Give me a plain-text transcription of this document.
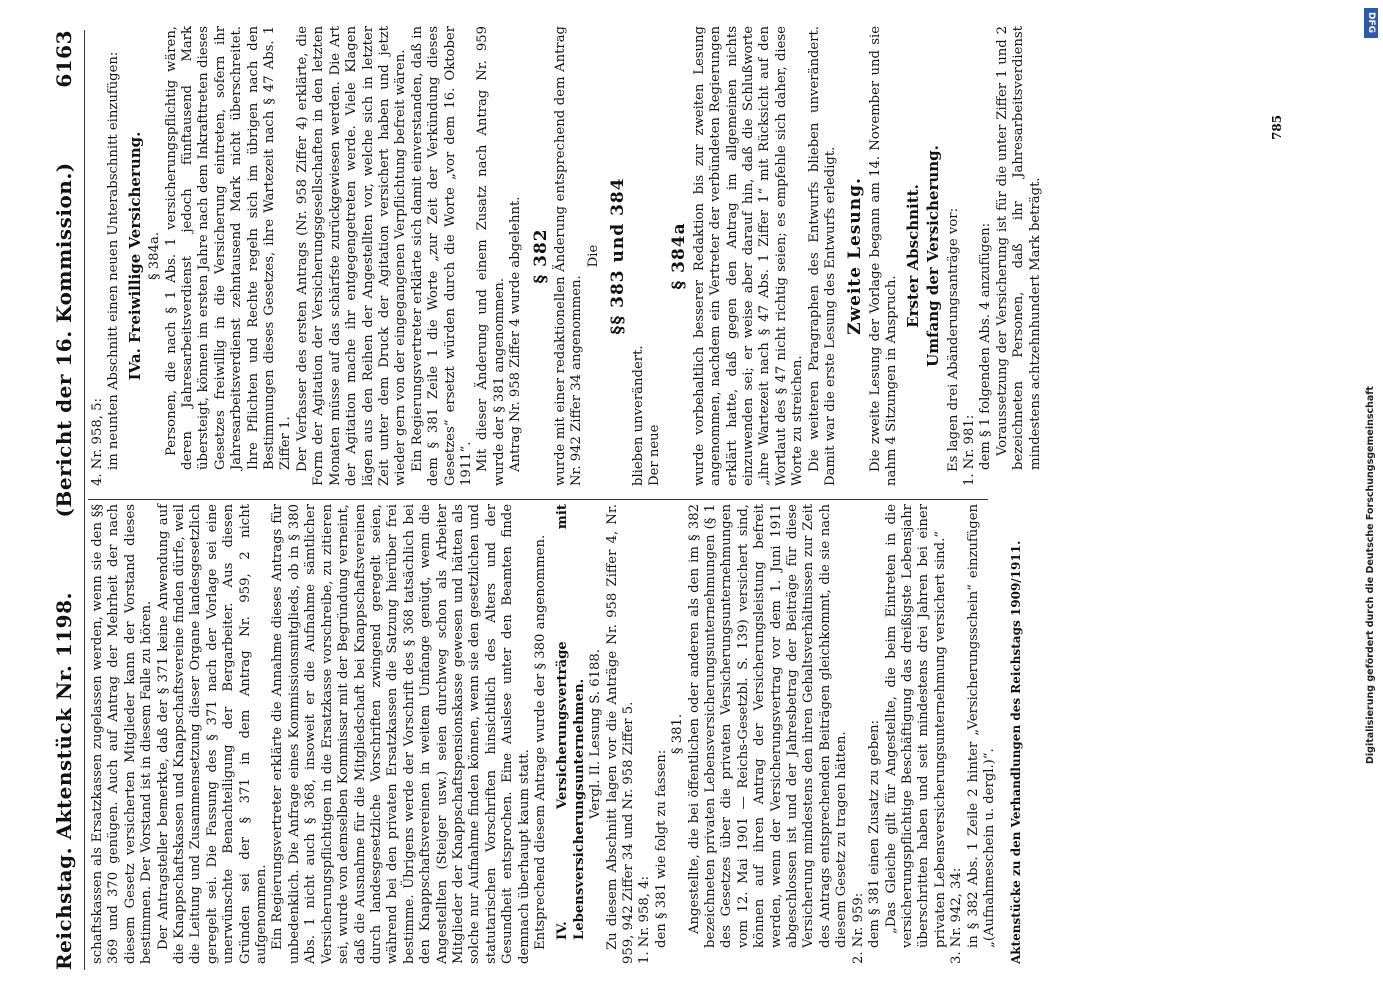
Reichstag. Aktenstück Nr. 1198.
(Bericht der 16. Kommission.)
6163

schaftskassen als Ersatzkassen zugelassen werden, wenn sie den §§ 369 und 370 genügen. Auch auf Antrag der Mehrheit der nach diesem Gesetz versicherten Mitglieder kann der Vorstand dieses bestimmen. Der Vorstand ist in diesem Falle zu hören. Der Antragsteller bemerkte, daß der § 371 keine Anwendung auf die Knappschaftskassen und Knappschaftsvereine finden dürfe, weil die Leitung und Zusammensetzung dieser Organe landesgesetzlich geregelt sei. Die Fassung des § 371 nach der Vorlage sei eine unerwünschte Benachteiligung der Bergarbeiter. Aus diesen Gründen sei der § 371 in dem Antrag Nr. 959, 2 nicht aufgenommen. Ein Regierungsvertreter erklärte die Annahme dieses Antrags für unbedenklich. Die Anfrage eines Kommissionsmitglieds, ob in § 380 Abs. 1 nicht auch § 368, insoweit er die Aufnahme sämtlicher Versicherungspflichtigen in die Ersatzkasse vorschreibe, zu zitieren sei, wurde von demselben Kommissar mit der Begründung verneint, daß die Ausnahme für die Mitgliedschaft bei Knappschaftsvereinen durch landesgesetzliche Vorschriften zwingend geregelt seien, während bei den privaten Ersatzkassen die Satzung hierüber frei bestimme. Übrigens werde der Vorschrift des § 368 tatsächlich bei den Knappschaftsvereinen in weitem Umfange genügt, wenn die Angestellten (Steiger usw.) seien durchweg schon als Arbeiter Mitglieder der Knappschaftspensionskasse gewesen und hätten als solche nur Aufnahme finden können, wenn sie den gesetzlichen und statutarischen Vorschriften hinsichtlich des Alters und der Gesundheit entsprochen. Eine Auslese unter den Beamten finde demnach überhaupt kaum statt. Entsprechend diesem Antrage wurde der § 380 angenommen. IV. Versicherungsverträge mit Lebensversicherungsunternehmen. Vergl. II. Lesung S. 6188. Zu diesem Abschnitt lagen vor die Anträge Nr. 958 Ziffer 4, Nr. 959, 942 Ziffer 34 und Nr. 958 Ziffer 5. 1. Nr. 958, 4: den § 381 wie folgt zu fassen:

§ 381. Angestellte, die bei öffentlichen oder anderen als den im § 382 bezeichneten privaten Lebensversicherungsunternehmungen (§ 1 des Gesetzes über die privaten Versicherungsunternehmungen vom 12. Mai 1901 — Reichs-Gesetzbl. S. 139) versichert sind, können auf ihren Antrag der Versicherungsleistung befreit werden, wenn der Versicherungsvertrag vor dem 1. Juni 1911 abgeschlossen ist und der Jahresbetrag der Beiträge für diese Versicherung mindestens den ihren Gehaltsverhältnissen zur Zeit des Antrags entsprechenden Beiträgen gleichkommt, die sie nach diesem Gesetz zu tragen hätten. 2. Nr. 959: dem § 381 einen Zusatz zu geben: „Das Gleiche gilt für Angestellte, die beim Eintreten in die versicherungspflichtige Beschäftigung das dreißigste Lebensjahr überschritten haben und seit mindestens drei Jahren bei einer privaten Lebensversicherungsunternehmung versichert sind.“ 3. Nr. 942, 34: in § 382 Abs. 1 Zeile 2 hinter „Versicherungsschein“ einzufügen „(Aufnahmeschein u. dergl.)“. Aktenstücke zu den Verhandlungen des Reichstags 1909/1911.

4. Nr. 958, 5: im neunten Abschnitt einen neuen Unterabschnitt einzufügen: IVa. Freiwillige Versicherung. § 384a. Personen, die nach § 1 Abs. 1 versicherungspflichtig wären, deren Jahresarbeitsverdienst jedoch fünftausend Mark übersteigt, können im ersten Jahre nach dem Inkrafttreten dieses Gesetzes freiwillig in die Versicherung eintreten, sofern ihr Jahresarbeitsverdienst zehntausend Mark nicht überschreitet. Ihre Pflichten und Rechte regeln sich im übrigen nach den Bestimmungen dieses Gesetzes, ihre Wartezeit nach § 47 Abs. 1 Ziffer 1. Der Verfasser des ersten Antrags (Nr. 958 Ziffer 4) erklärte, die Form der Agitation der Versicherungsgesellschaften in den letzten Monaten müsse auf das schärfste zurückgewiesen werden. Die Art der Agitation mache ihr entgegengetreten werde. Viele Klagen lägen aus den Reihen der Angestellten vor, welche sich in letzter Zeit unter dem Druck der Agitation versichert haben und jetzt wieder gern von der eingegangenen Verpflichtung befreit wären. Ein Regierungsvertreter erklärte sich damit einverstanden, daß in dem § 381 Zeile 1 die Worte „zur Zeit der Verkündung dieses Gesetzes“ ersetzt würden durch die Worte „vor dem 16. Oktober 1911“. Mit dieser Änderung und einem Zusatz nach Antrag Nr. 959 wurde der § 381 angenommen. Antrag Nr. 958 Ziffer 4 wurde abgelehnt. § 382 wurde mit einer redaktionellen Änderung entsprechend dem Antrag Nr. 942 Ziffer 34 angenommen.

Die §§ 383 und 384

blieben unverändert. Der neue

§ 384a wurde vorbehaltlich besserer Redaktion bis zur zweiten Lesung angenommen, nachdem ein Vertreter der verbündeten Regierungen erklärt hatte, daß gegen den Antrag im allgemeinen nichts einzuwenden sei; er weise aber darauf hin, daß die Schlußworte „ihre Wartezeit nach § 47 Abs. 1 Ziffer 1“ mit Rücksicht auf den Wortlaut des § 47 nicht richtig seien; es empfehle sich daher, diese Worte zu streichen. Die weiteren Paragraphen des Entwurfs blieben unverändert. Damit war die erste Lesung des Entwurfs erledigt. Zweite Lesung. Die zweite Lesung der Vorlage begann am 14. November und sie nahm 4 Sitzungen in Anspruch.

Erster Abschnitt. Umfang der Versicherung. Es lagen drei Abänderungsanträge vor: 1. Nr. 981: dem § 1 folgenden Abs. 4 anzufügen: Voraussetzung der Versicherung ist für die unter Ziffer 1 und 2 bezeichneten Personen, daß ihr Jahresarbeitsverdienst mindestens achtzehnhundert Mark beträgt.

785
DFG
Digitalisierung gefördert durch die Deutsche Forschungsgemeinschaft
